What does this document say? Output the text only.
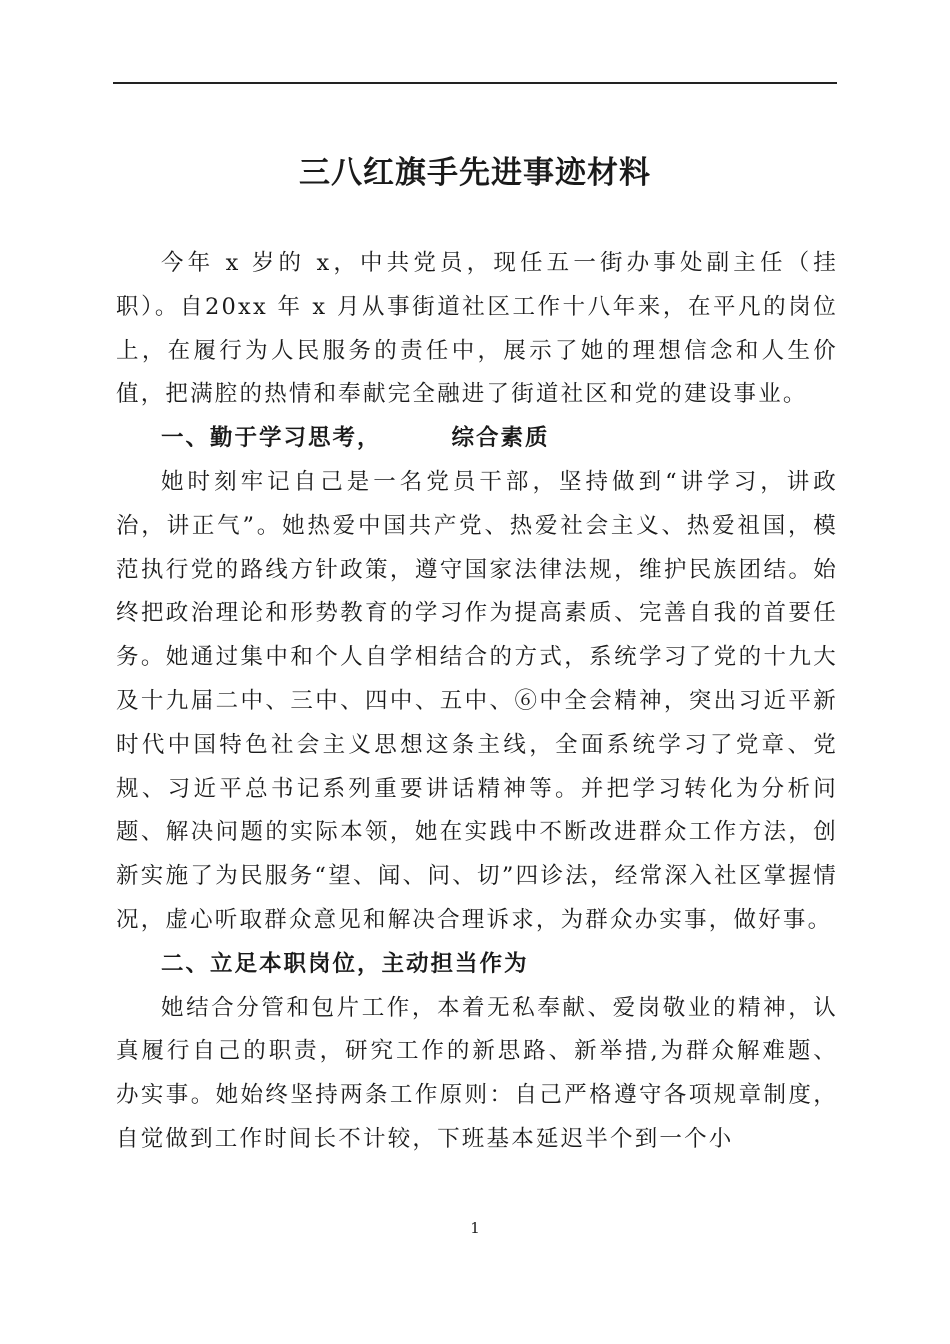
三八红旗手先进事迹材料

今年 x 岁的 x，中共党员，现任五一街办事处副主任（挂职）。自20xx 年 x 月从事街道社区工作十八年来，在平凡的岗位上，在履行为人民服务的责任中，展示了她的理想信念和人生价值，把满腔的热情和奉献完全融进了街道社区和党的建设事业。

一、勤于学习思考，	综合素质

她时刻牢记自己是一名党员干部，坚持做到“讲学习，讲政治，讲正气”。她热爱中国共产党、热爱社会主义、热爱祖国，模范执行党的路线方针政策，遵守国家法律法规，维护民族团结。始终把政治理论和形势教育的学习作为提高素质、完善自我的首要任务。她通过集中和个人自学相结合的方式，系统学习了党的十九大及十九届二中、三中、四中、五中、⑥中全会精神，突出习近平新时代中国特色社会主义思想这条主线，全面系统学习了党章、党规、习近平总书记系列重要讲话精神等。并把学习转化为分析问题、解决问题的实际本领，她在实践中不断改进群众工作方法，创新实施了为民服务“望、闻、问、切”四诊法，经常深入社区掌握情况，虚心听取群众意见和解决合理诉求，为群众办实事，做好事。

二、立足本职岗位，主动担当作为

她结合分管和包片工作，本着无私奉献、爱岗敬业的精神，认真履行自己的职责，研究工作的新思路、新举措,为群众解难题、办实事。她始终坚持两条工作原则：自己严格遵守各项规章制度，自觉做到工作时间长不计较，下班基本延迟半个到一个小

1
